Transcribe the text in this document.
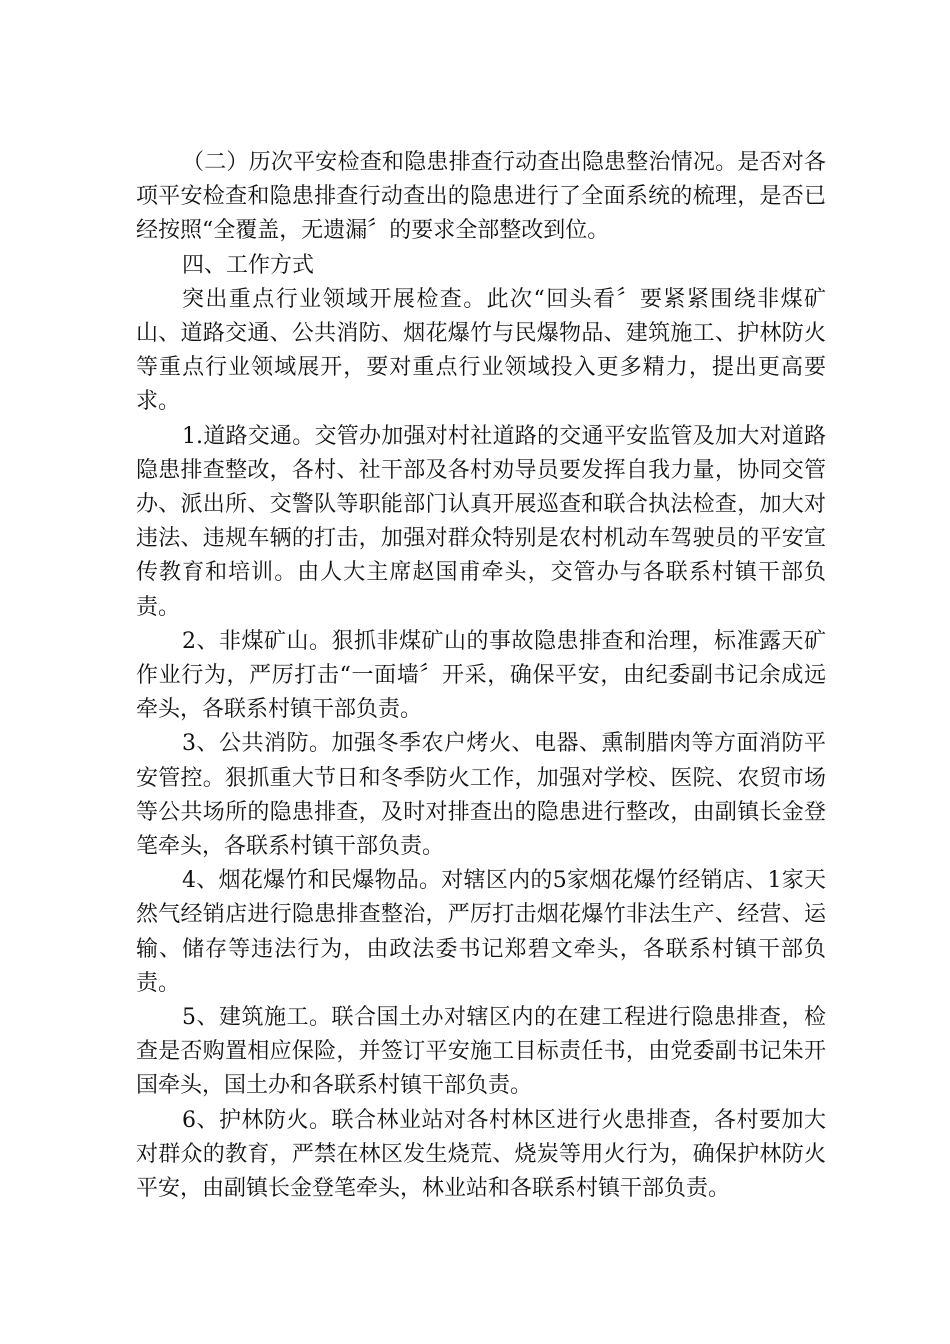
（二）历次平安检查和隐患排查行动查出隐患整治情况。是否对各项平安检查和隐患排查行动查出的隐患进行了全面系统的梳理，是否已经按照“全覆盖，无遗漏〞的要求全部整改到位。

四、工作方式

突出重点行业领域开展检查。此次“回头看〞要紧紧围绕非煤矿山、道路交通、公共消防、烟花爆竹与民爆物品、建筑施工、护林防火等重点行业领域展开，要对重点行业领域投入更多精力，提出更高要求。

1.道路交通。交管办加强对村社道路的交通平安监管及加大对道路隐患排查整改，各村、社干部及各村劝导员要发挥自我力量，协同交管办、派出所、交警队等职能部门认真开展巡查和联合执法检查，加大对违法、违规车辆的打击，加强对群众特别是农村机动车驾驶员的平安宣传教育和培训。由人大主席赵国甫牵头，交管办与各联系村镇干部负责。

2、非煤矿山。狠抓非煤矿山的事故隐患排查和治理，标准露天矿作业行为，严厉打击“一面墙〞开采，确保平安，由纪委副书记余成远牵头，各联系村镇干部负责。

3、公共消防。加强冬季农户烤火、电器、熏制腊肉等方面消防平安管控。狠抓重大节日和冬季防火工作，加强对学校、医院、农贸市场等公共场所的隐患排查，及时对排查出的隐患进行整改，由副镇长金登笔牵头，各联系村镇干部负责。

4、烟花爆竹和民爆物品。对辖区内的5家烟花爆竹经销店、1家天然气经销店进行隐患排查整治，严厉打击烟花爆竹非法生产、经营、运输、储存等违法行为，由政法委书记郑碧文牵头，各联系村镇干部负责。

5、建筑施工。联合国土办对辖区内的在建工程进行隐患排查，检查是否购置相应保险，并签订平安施工目标责任书，由党委副书记朱开国牵头，国土办和各联系村镇干部负责。

6、护林防火。联合林业站对各村林区进行火患排查，各村要加大对群众的教育，严禁在林区发生烧荒、烧炭等用火行为，确保护林防火平安，由副镇长金登笔牵头，林业站和各联系村镇干部负责。
